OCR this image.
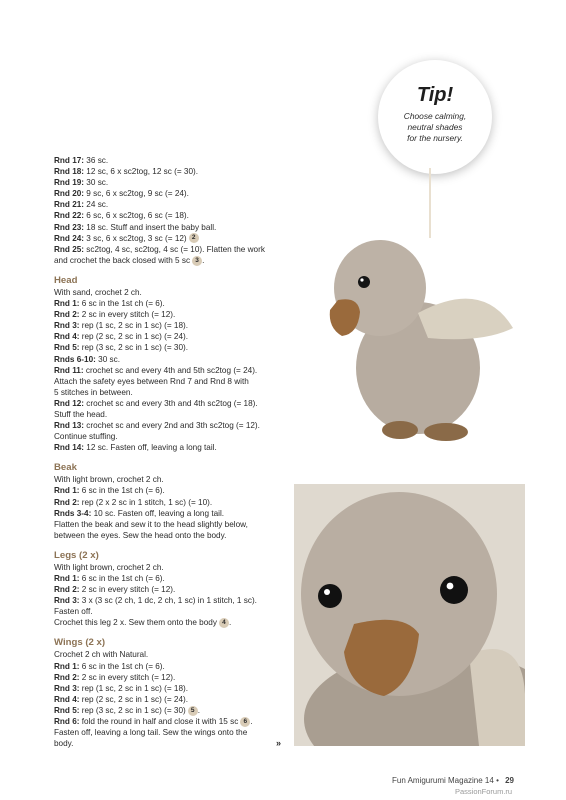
Tip!
Choose calming,
neutral shades
for the nursery.
Rnd 17: 36 sc.
Rnd 18: 12 sc, 6 x sc2tog, 12 sc (= 30).
Rnd 19: 30 sc.
Rnd 20: 9 sc, 6 x sc2tog, 9 sc (= 24).
Rnd 21: 24 sc.
Rnd 22: 6 sc, 6 x sc2tog, 6 sc (= 18).
Rnd 23: 18 sc. Stuff and insert the baby ball.
Rnd 24: 3 sc, 6 x sc2tog, 3 sc (= 12) 2
Rnd 25: sc2tog, 4 sc, sc2tog, 4 sc (= 10). Flatten the work
and crochet the back closed with 5 sc 3 .
Head
With sand, crochet 2 ch.
Rnd 1: 6 sc in the 1st ch (= 6).
Rnd 2: 2 sc in every stitch (= 12).
Rnd 3: rep (1 sc, 2 sc in 1 sc) (= 18).
Rnd 4: rep (2 sc, 2 sc in 1 sc) (= 24).
Rnd 5: rep (3 sc, 2 sc in 1 sc) (= 30).
Rnds 6-10: 30 sc.
Rnd 11: crochet sc and every 4th and 5th sc2tog (= 24).
Attach the safety eyes between Rnd 7 and Rnd 8 with
5 stitches in between.
Rnd 12: crochet sc and every 3th and 4th sc2tog (= 18).
Stuff the head.
Rnd 13: crochet sc and every 2nd and 3th sc2tog (= 12).
Continue stuffing.
Rnd 14: 12 sc. Fasten off, leaving a long tail.
Beak
With light brown, crochet 2 ch.
Rnd 1: 6 sc in the 1st ch (= 6).
Rnd 2: rep (2 x 2 sc in 1 stitch, 1 sc) (= 10).
Rnds 3-4: 10 sc. Fasten off, leaving a long tail.
Flatten the beak and sew it to the head slightly below,
between the eyes. Sew the head onto the body.
Legs (2 x)
With light brown, crochet 2 ch.
Rnd 1: 6 sc in the 1st ch (= 6).
Rnd 2: 2 sc in every stitch (= 12).
Rnd 3: 3 x (3 sc (2 ch, 1 dc, 2 ch, 1 sc) in 1 stitch, 1 sc).
Fasten off.
Crochet this leg 2 x. Sew them onto the body 4 .
Wings (2 x)
Crochet 2 ch with Natural.
Rnd 1: 6 sc in the 1st ch (= 6).
Rnd 2: 2 sc in every stitch (= 12).
Rnd 3: rep (1 sc, 2 sc in 1 sc) (= 18).
Rnd 4: rep (2 sc, 2 sc in 1 sc) (= 24).
Rnd 5: rep (3 sc, 2 sc in 1 sc) (= 30) 5 .
Rnd 6: fold the round in half and close it with 15 sc 6 .
Fasten off, leaving a long tail. Sew the wings onto the
body.	»
Fun Amigurumi Magazine 14 • 29
PassionForum.ru
